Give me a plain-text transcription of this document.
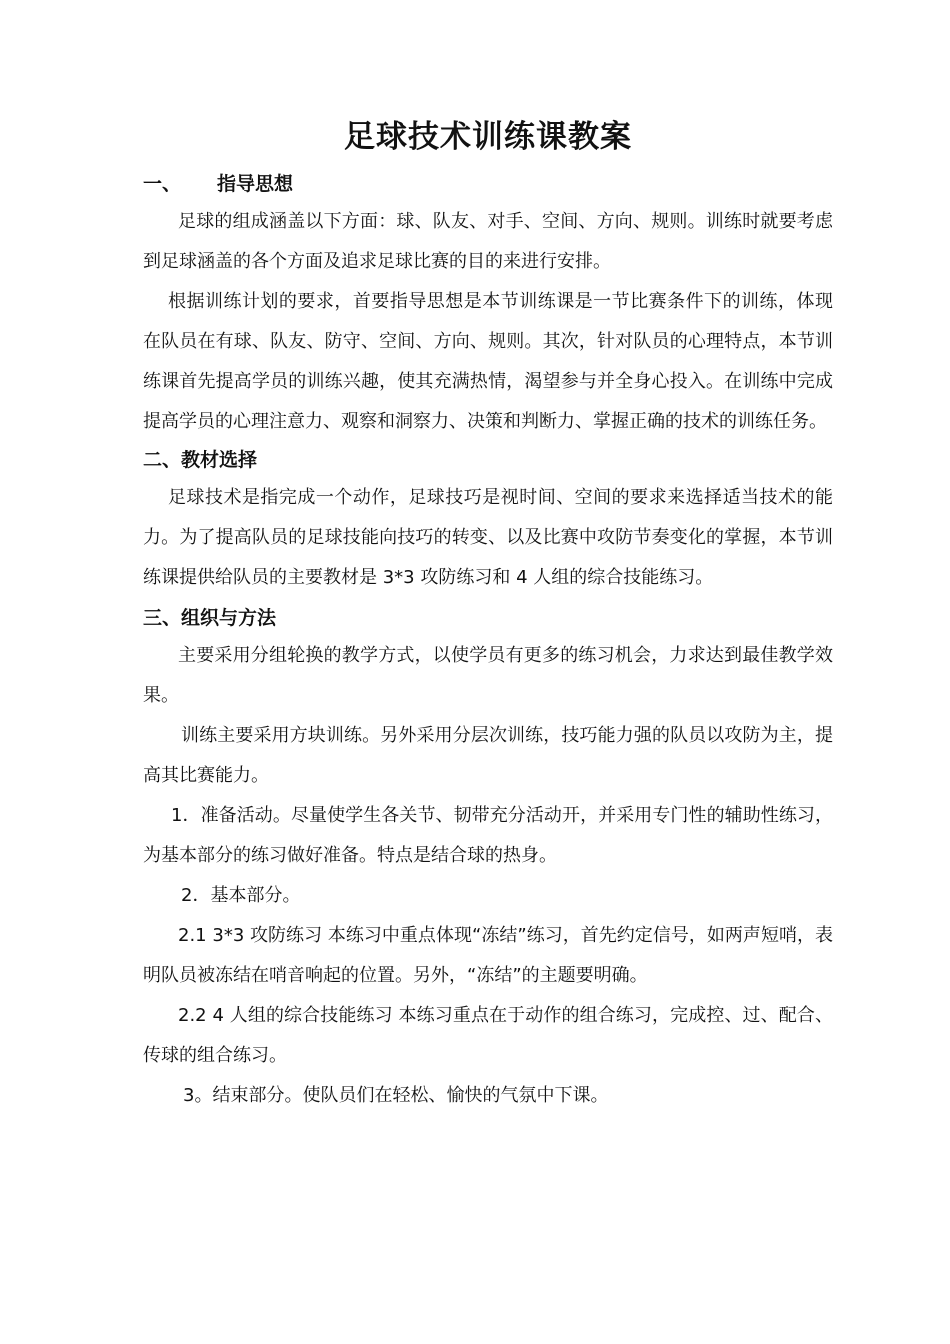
足球技术训练课教案
一、 指导思想

足球的组成涵盖以下方面：球、队友、对手、空间、方向、规则。训练时就要考虑到足球涵盖的各个方面及追求足球比赛的目的来进行安排。

根据训练计划的要求，首要指导思想是本节训练课是一节比赛条件下的训练，体现在队员在有球、队友、防守、空间、方向、规则。其次，针对队员的心理特点，本节训练课首先提高学员的训练兴趣，使其充满热情，渴望参与并全身心投入。在训练中完成提高学员的心理注意力、观察和洞察力、决策和判断力、掌握正确的技术的训练任务。

二、教材选择

足球技术是指完成一个动作，足球技巧是视时间、空间的要求来选择适当技术的能力。为了提高队员的足球技能向技巧的转变、以及比赛中攻防节奏变化的掌握，本节训练课提供给队员的主要教材是 3*3 攻防练习和 4 人组的综合技能练习。

三、组织与方法

主要采用分组轮换的教学方式，以使学员有更多的练习机会，力求达到最佳教学效果。

训练主要采用方块训练。另外采用分层次训练，技巧能力强的队员以攻防为主，提高其比赛能力。

1．准备活动。尽量使学生各关节、韧带充分活动开，并采用专门性的辅助性练习，为基本部分的练习做好准备。特点是结合球的热身。

2．基本部分。

2.1 3*3 攻防练习 本练习中重点体现“冻结”练习，首先约定信号，如两声短哨，表明队员被冻结在哨音响起的位置。另外，“冻结”的主题要明确。

2.2 4 人组的综合技能练习 本练习重点在于动作的组合练习，完成控、过、配合、传球的组合练习。

3。结束部分。使队员们在轻松、愉快的气氛中下课。
